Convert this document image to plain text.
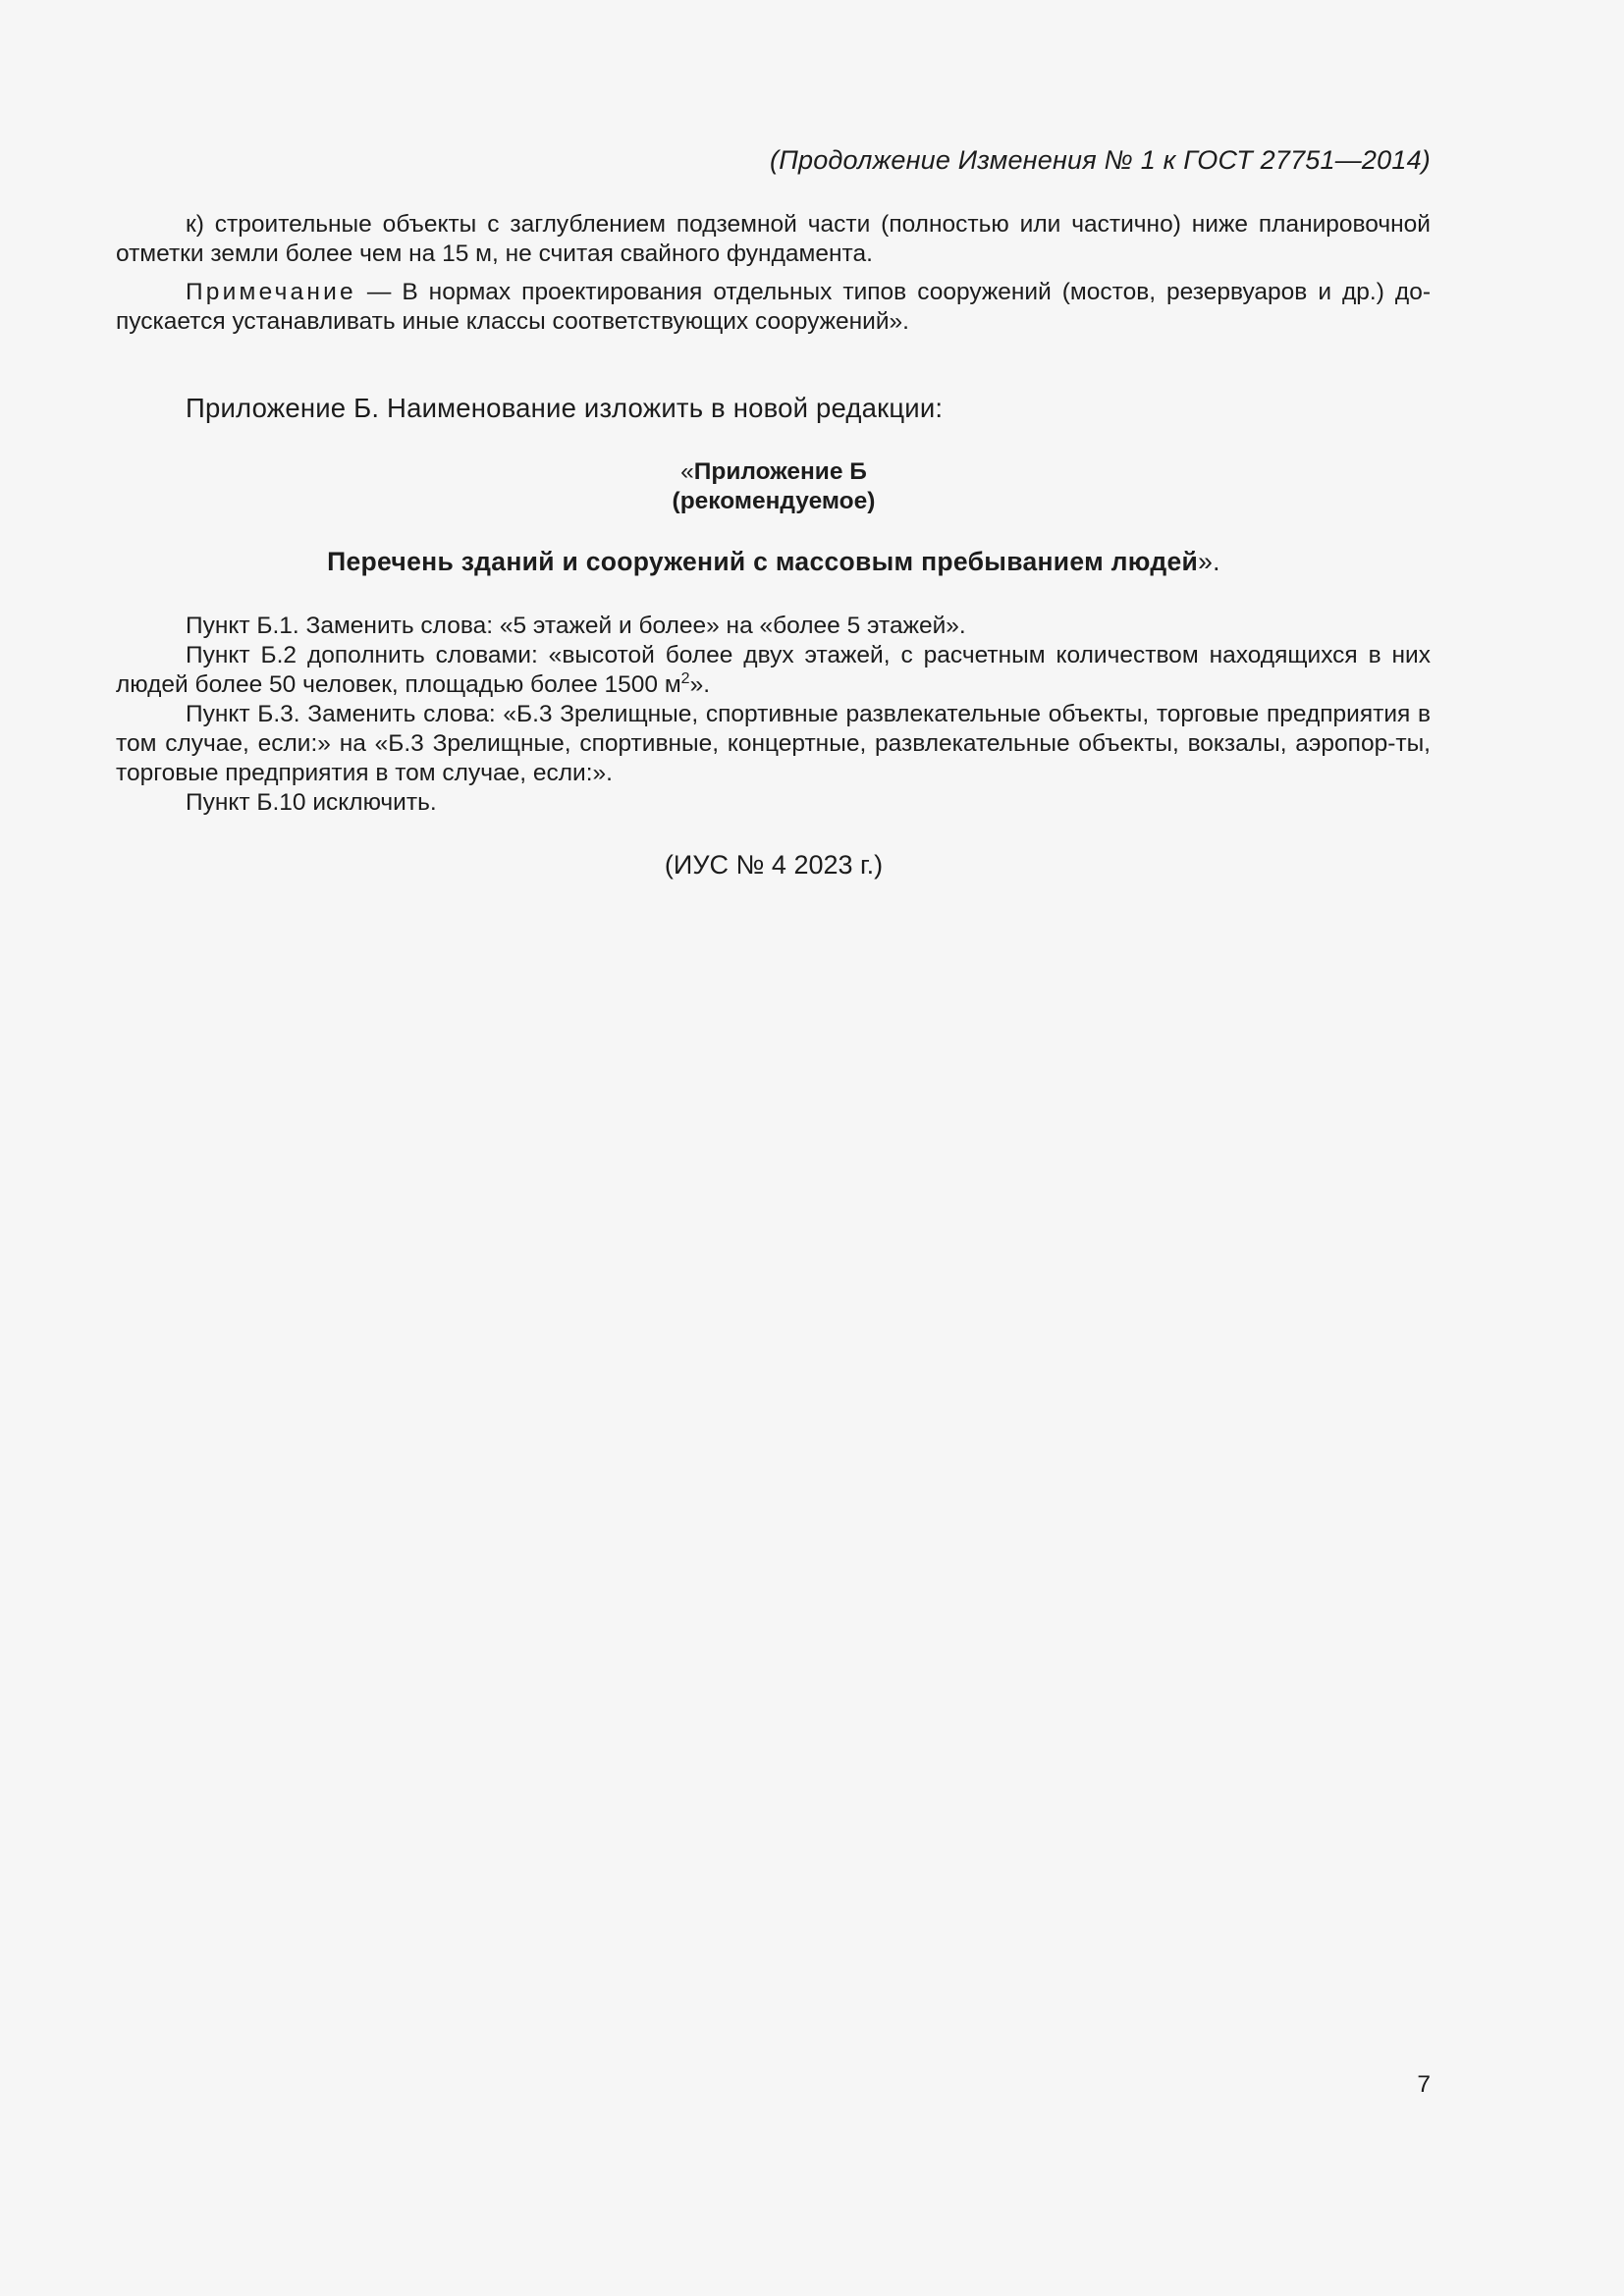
(Продолжение Изменения № 1 к ГОСТ 27751—2014)

к) строительные объекты с заглублением подземной части (полностью или частично) ниже планировочной отметки земли более чем на 15 м, не считая свайного фундамента.

Примечание — В нормах проектирования отдельных типов сооружений (мостов, резервуаров и др.) до-пускается устанавливать иные классы соответствующих сооружений».

Приложение Б. Наименование изложить в новой редакции:
«Приложение Б
(рекомендуемое)
Перечень зданий и сооружений с массовым пребыванием людей».

Пункт Б.1. Заменить слова: «5 этажей и более» на «более 5 этажей».

Пункт Б.2 дополнить словами: «высотой более двух этажей, с расчетным количеством находящихся в них людей более 50 человек, площадью более 1500 $м^2$».

Пункт Б.3. Заменить слова: «Б.3 Зрелищные, спортивные развлекательные объекты, торговые предприятия в том случае, если:» на «Б.3 Зрелищные, спортивные, концертные, развлекательные объекты, вокзалы, аэропор-ты, торговые предприятия в том случае, если:».

Пункт Б.10 исключить.

(ИУС № 4 2023 г.)
7
